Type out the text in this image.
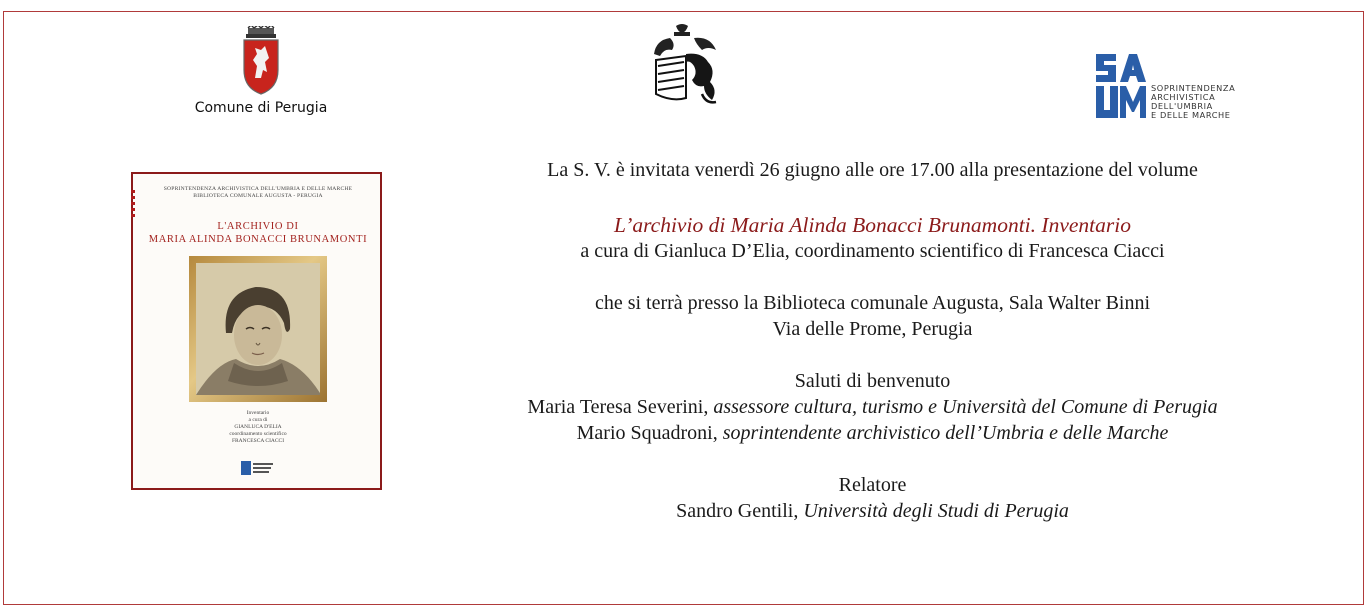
Comune di Perugia
SOPRINTENDENZA
ARCHIVISTICA
DELL'UMBRIA
E DELLE MARCHE
SOPRINTENDENZA ARCHIVISTICA DELL'UMBRIA E DELLE MARCHE
BIBLIOTECA COMUNALE AUGUSTA - PERUGIA
L'ARCHIVIO DI
MARIA ALINDA BONACCI BRUNAMONTI
Inventario
a cura di
GIANLUCA D'ELIA
coordinamento scientifico
FRANCESCA CIACCI

La S. V. è invitata venerdì 26 giugno alle ore 17.00 alla presentazione del volume

L’archivio di Maria Alinda Bonacci Brunamonti. Inventario

a cura di Gianluca D’Elia, coordinamento scientifico di Francesca Ciacci

che si terrà presso la Biblioteca comunale Augusta, Sala Walter Binni

Via delle Prome, Perugia

Saluti di benvenuto

Maria Teresa Severini, assessore cultura, turismo e Università del Comune di Perugia

Mario Squadroni, soprintendente archivistico dell’Umbria e delle Marche

Relatore

Sandro Gentili, Università degli Studi di Perugia
